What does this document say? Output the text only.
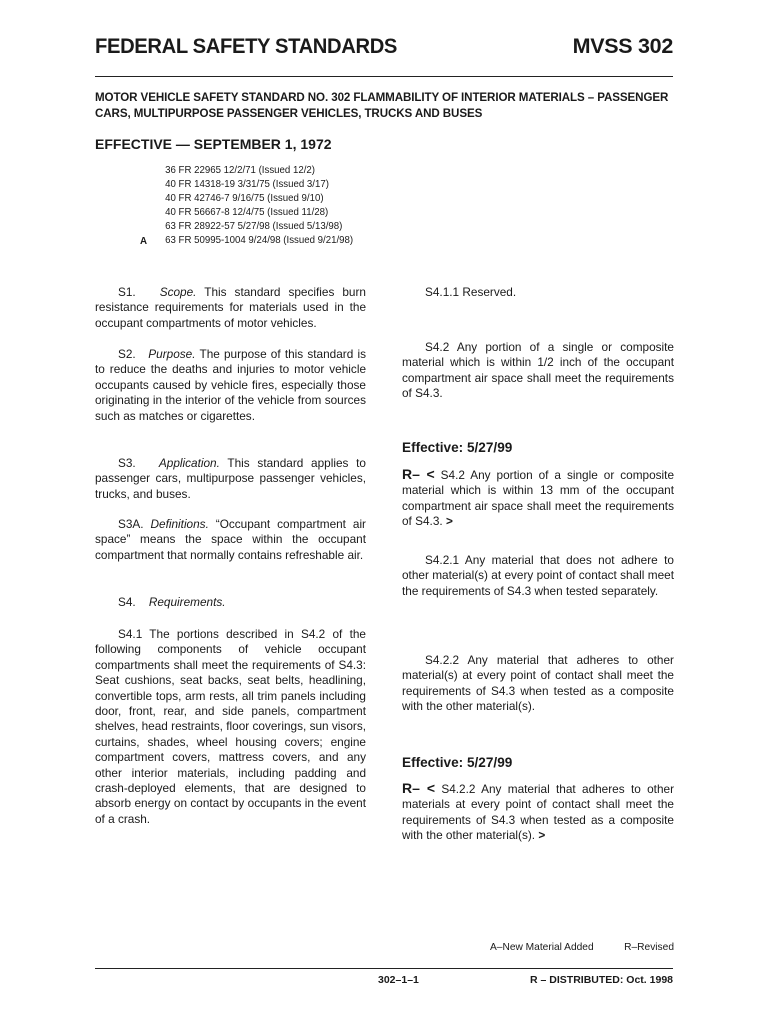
FEDERAL SAFETY STANDARDS	MVSS 302
MOTOR VEHICLE SAFETY STANDARD NO. 302 FLAMMABILITY OF INTERIOR MATERIALS – PASSENGER CARS, MULTIPURPOSE PASSENGER VEHICLES, TRUCKS AND BUSES
EFFECTIVE — SEPTEMBER 1, 1972
36 FR 22965 12/2/71 (Issued 12/2)
40 FR 14318-19 3/31/75 (Issued 3/17)
40 FR 42746-7 9/16/75 (Issued 9/10)
40 FR 56667-8 12/4/75 (Issued 11/28)
63 FR 28922-57 5/27/98 (Issued 5/13/98)
A 63 FR 50995-1004 9/24/98 (Issued 9/21/98)
S1. Scope. This standard specifies burn resistance requirements for materials used in the occupant compartments of motor vehicles.
S2. Purpose. The purpose of this standard is to reduce the deaths and injuries to motor vehicle occupants caused by vehicle fires, especially those originating in the interior of the vehicle from sources such as matches or cigarettes.
S3. Application. This standard applies to passenger cars, multipurpose passenger vehicles, trucks, and buses.
S3A. Definitions. “Occupant compartment air space” means the space within the occupant compartment that normally contains refreshable air.
S4. Requirements.
S4.1 The portions described in S4.2 of the following components of vehicle occupant compartments shall meet the requirements of S4.3: Seat cushions, seat backs, seat belts, headlining, convertible tops, arm rests, all trim panels including door, front, rear, and side panels, compartment shelves, head restraints, floor coverings, sun visors, curtains, shades, wheel housing covers; engine compartment covers, mattress covers, and any other interior materials, including padding and crash-deployed elements, that are designed to absorb energy on contact by occupants in the event of a crash.
S4.1.1 Reserved.
S4.2 Any portion of a single or composite material which is within 1/2 inch of the occupant compartment air space shall meet the requirements of S4.3.
Effective: 5/27/99
R– < S4.2 Any portion of a single or composite material which is within 13 mm of the occupant compartment air space shall meet the requirements of S4.3. >
S4.2.1 Any material that does not adhere to other material(s) at every point of contact shall meet the requirements of S4.3 when tested separately.
S4.2.2 Any material that adheres to other material(s) at every point of contact shall meet the requirements of S4.3 when tested as a composite with the other material(s).
Effective: 5/27/99
R– < S4.2.2 Any material that adheres to other materials at every point of contact shall meet the requirements of S4.3 when tested as a composite with the other material(s). >
A–New Material Added	R–Revised
302–1–1	R – DISTRIBUTED: Oct. 1998
